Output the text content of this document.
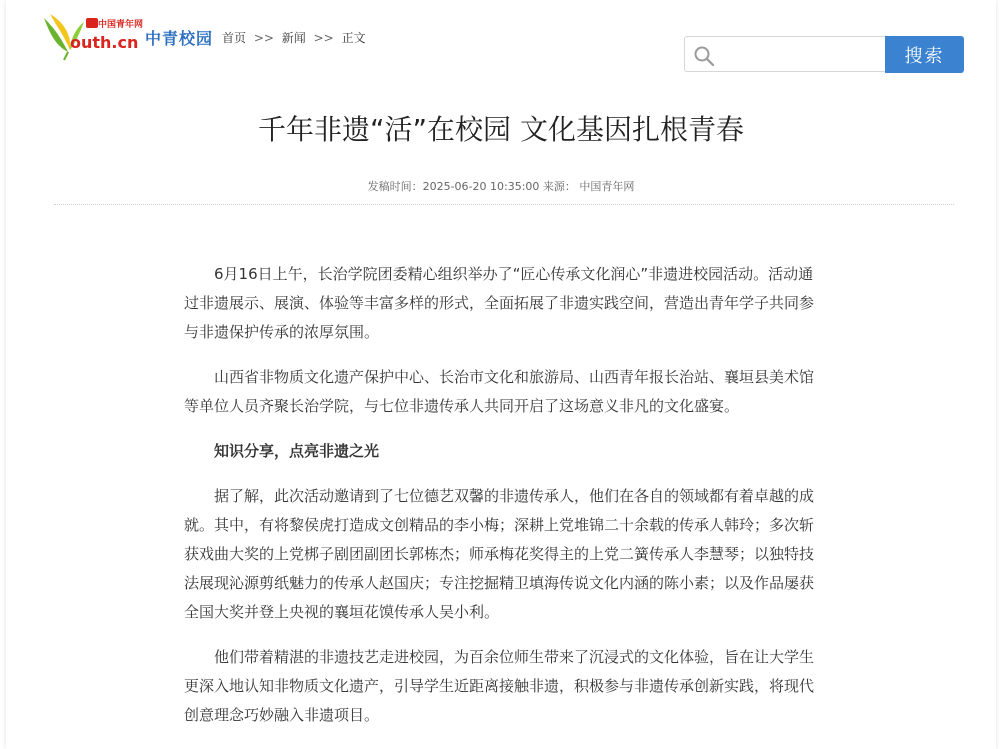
中国青年网
outh.cn 中青校园 首页 >> 新闻 >> 正文
搜索
千年非遗“活”在校园 文化基因扎根青春
发稿时间：2025-06-20 10:35:00 来源： 中国青年网

6月16日上午，长治学院团委精心组织举办了“匠心传承文化润心”非遗进校园活动。活动通过非遗展示、展演、体验等丰富多样的形式，全面拓展了非遗实践空间，营造出青年学子共同参与非遗保护传承的浓厚氛围。

山西省非物质文化遗产保护中心、长治市文化和旅游局、山西青年报长治站、襄垣县美术馆等单位人员齐聚长治学院，与七位非遗传承人共同开启了这场意义非凡的文化盛宴。

知识分享，点亮非遗之光

据了解，此次活动邀请到了七位德艺双馨的非遗传承人，他们在各自的领域都有着卓越的成就。其中，有将黎侯虎打造成文创精品的李小梅；深耕上党堆锦二十余载的传承人韩玲；多次斩获戏曲大奖的上党梆子剧团副团长郭栋杰；师承梅花奖得主的上党二簧传承人李慧琴；以独特技法展现沁源剪纸魅力的传承人赵国庆；专注挖掘精卫填海传说文化内涵的陈小素；以及作品屡获全国大奖并登上央视的襄垣花馍传承人吴小利。

他们带着精湛的非遗技艺走进校园，为百余位师生带来了沉浸式的文化体验，旨在让大学生更深入地认知非物质文化遗产，引导学生近距离接触非遗，积极参与非遗传承创新实践，将现代创意理念巧妙融入非遗项目。
